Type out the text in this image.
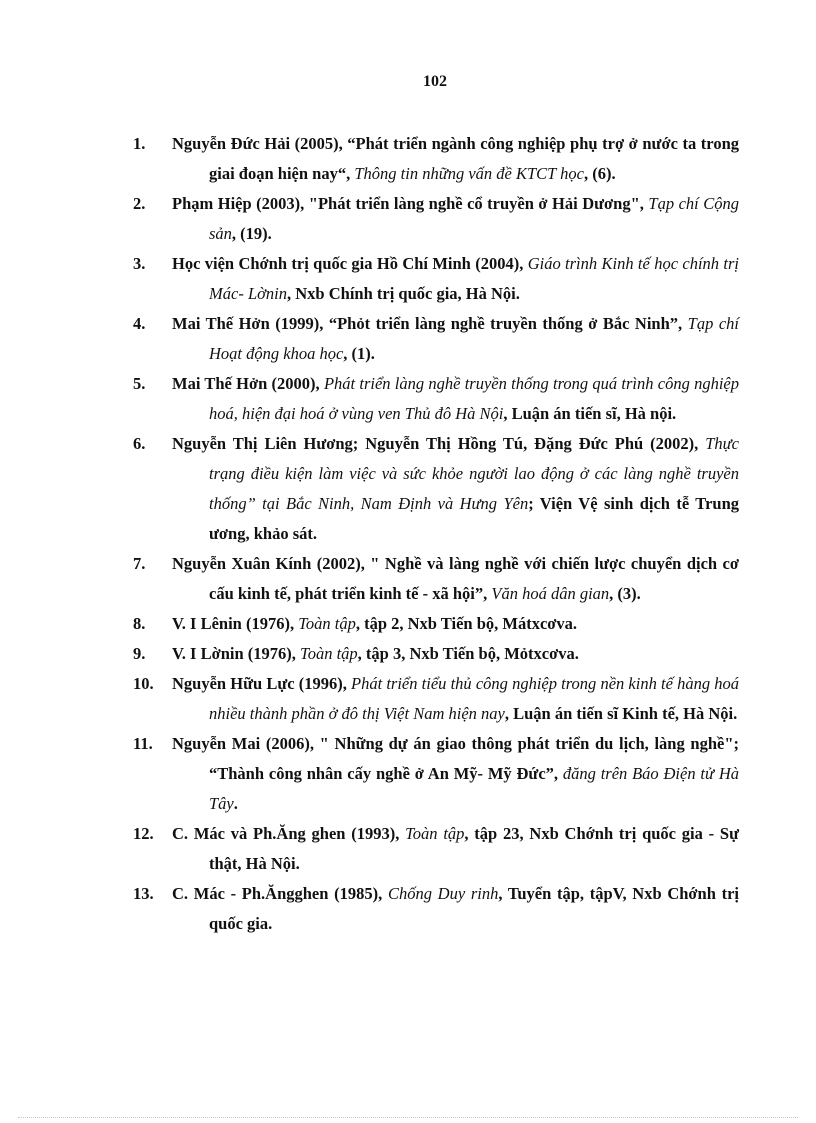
102
1. Nguyễn Đức Hải (2005), “Phát triển ngành công nghiệp phụ trợ ở nước ta trong giai đoạn hiện nay“, Thông tin những vấn đề KTCT học, (6).
2. Phạm Hiệp (2003), "Phát triển làng nghề cổ truyền ở Hải Dương", Tạp chí Cộng sản, (19).
3. Học viện Chớnh trị quốc gia Hồ Chí Minh (2004), Giáo trình Kinh tế học chính trị Mác- Lờnin, Nxb Chính trị quốc gia, Hà Nội.
4. Mai Thế Hởn (1999), “Phỏt triển làng nghề truyền thống ở Bắc Ninh”, Tạp chí Hoạt động khoa học, (1).
5. Mai Thế Hởn (2000), Phát triển làng nghề truyền thống trong quá trình công nghiệp hoá, hiện đại hoá ở vùng ven Thủ đô Hà Nội, Luận án tiến sĩ, Hà nội.
6. Nguyễn Thị Liên Hương; Nguyễn Thị Hồng Tú, Đặng Đức Phú (2002), Thực trạng điều kiện làm việc và sức khỏe người lao động ở các làng nghề truyền thống” tại Bắc Ninh, Nam Định và Hưng Yên; Viện Vệ sinh dịch tễ Trung ương, khảo sát.
7. Nguyễn Xuân Kính (2002), " Nghề và làng nghề với chiến lược chuyển dịch cơ cấu kinh tế, phát triển kinh tế - xã hội”, Văn hoá dân gian, (3).
8. V. I Lênin (1976), Toàn tập, tập 2, Nxb Tiến bộ, Mátxcơva.
9. V. I Lờnin (1976), Toàn tập, tập 3, Nxb Tiến bộ, Mỏtxcơva.
10. Nguyễn Hữu Lực (1996), Phát triển tiểu thủ công nghiệp trong nền kinh tế hàng hoá nhiều thành phần ở đô thị Việt Nam hiện nay, Luận án tiến sĩ Kinh tế, Hà Nội.
11. Nguyễn Mai (2006), " Những dự án giao thông phát triển du lịch, làng nghề"; “Thành công nhân cấy nghề ở An Mỹ- Mỹ Đức”, đăng trên Báo Điện tử Hà Tây.
12. C. Mác và Ph.Ăng ghen (1993), Toàn tập, tập 23, Nxb Chớnh trị quốc gia - Sự thật, Hà Nội.
13. C. Mác - Ph.Ăngghen (1985), Chống Duy rinh, Tuyển tập, tậpV, Nxb Chớnh trị quốc gia.
